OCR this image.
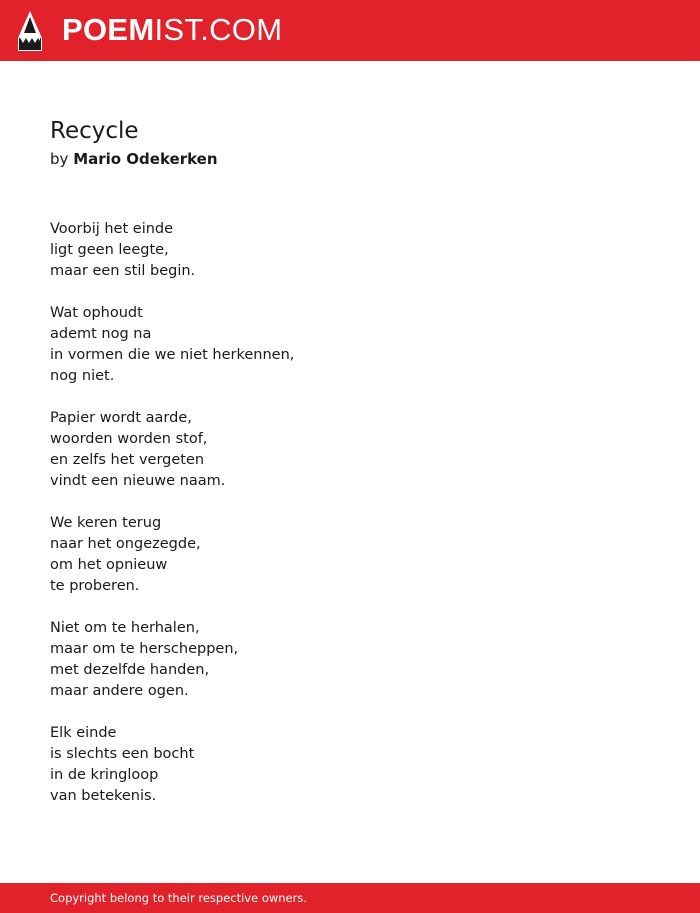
POEMIST.COM
Recycle
by Mario Odekerken
Voorbij het einde
ligt geen leegte,
maar een stil begin.
Wat ophoudt
ademt nog na
in vormen die we niet herkennen,
nog niet.
Papier wordt aarde,
woorden worden stof,
en zelfs het vergeten
vindt een nieuwe naam.
We keren terug
naar het ongezegde,
om het opnieuw
te proberen.
Niet om te herhalen,
maar om te herscheppen,
met dezelfde handen,
maar andere ogen.
Elk einde
is slechts een bocht
in de kringloop
van betekenis.
Copyright belong to their respective owners.
